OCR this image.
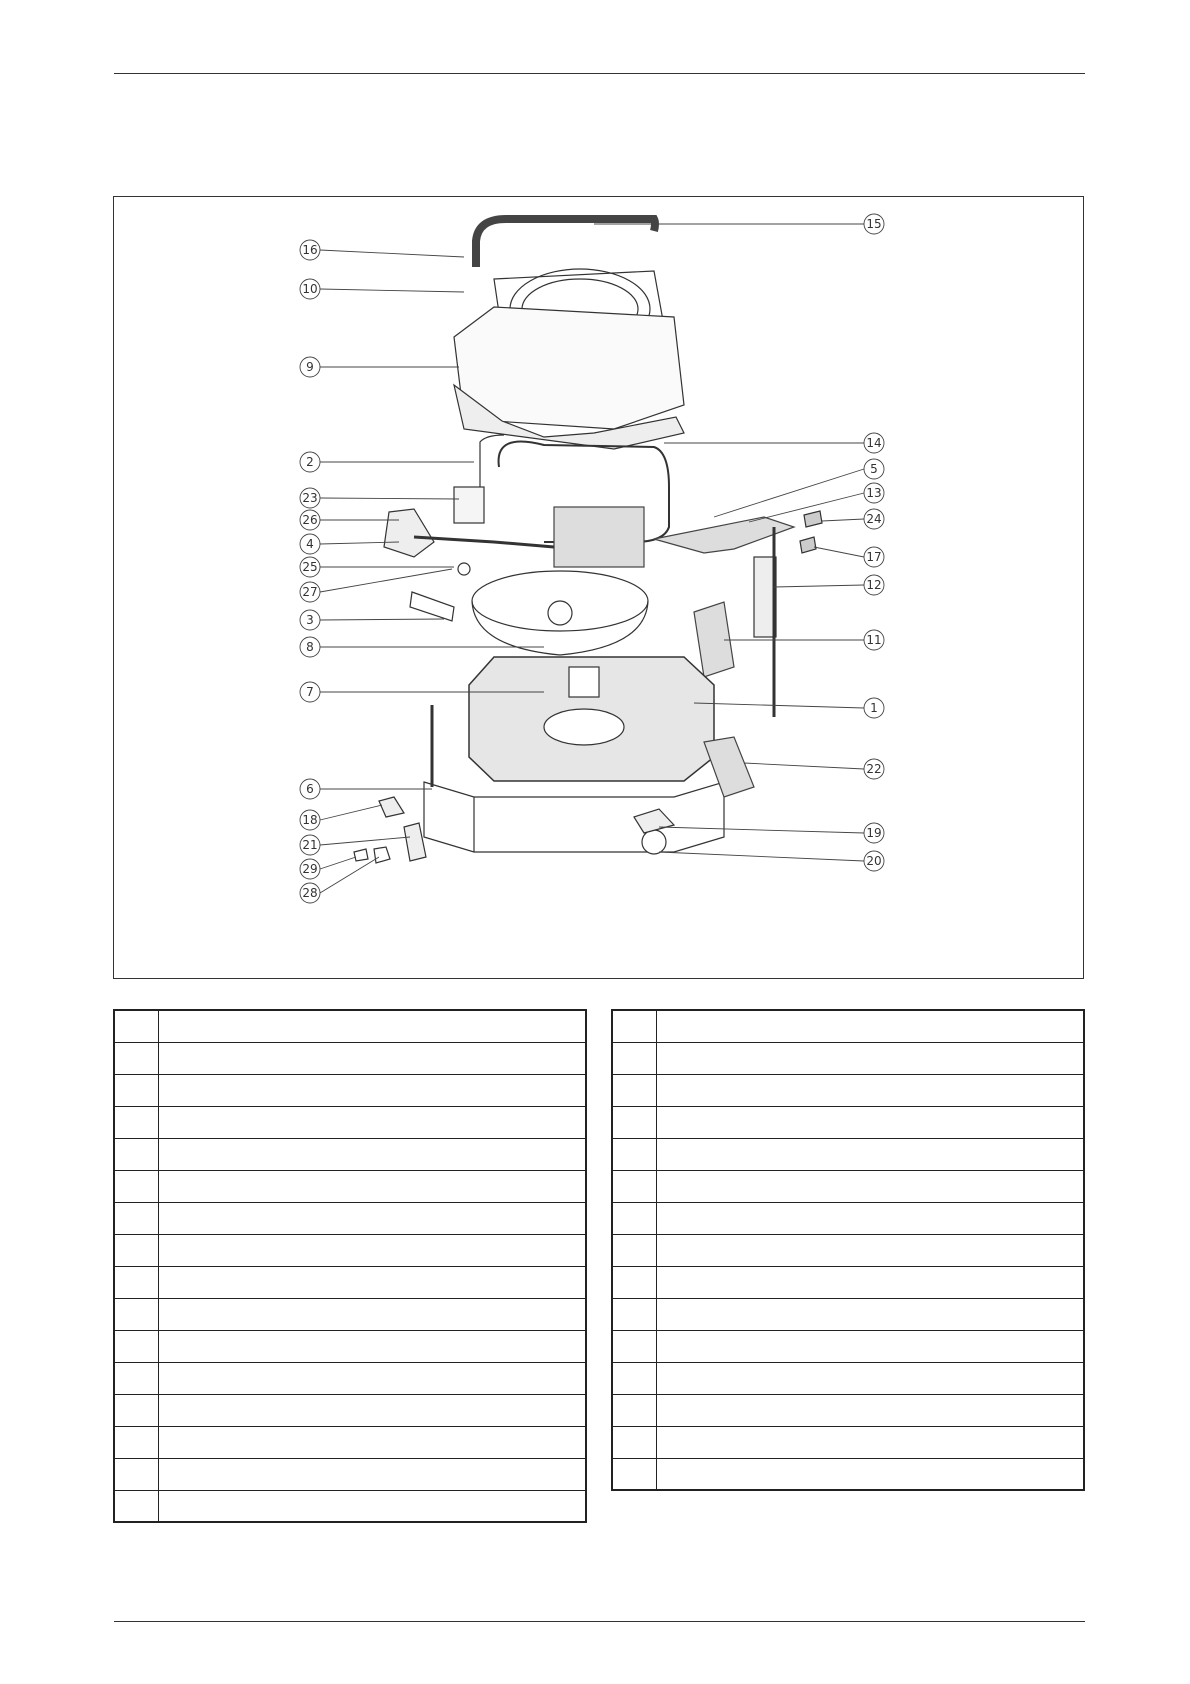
16
10
9
2
23
26
4
25
27
3
8
7
6
18
21
29
28
15
14
5
13
24
17
12
11
1
22
19
20
